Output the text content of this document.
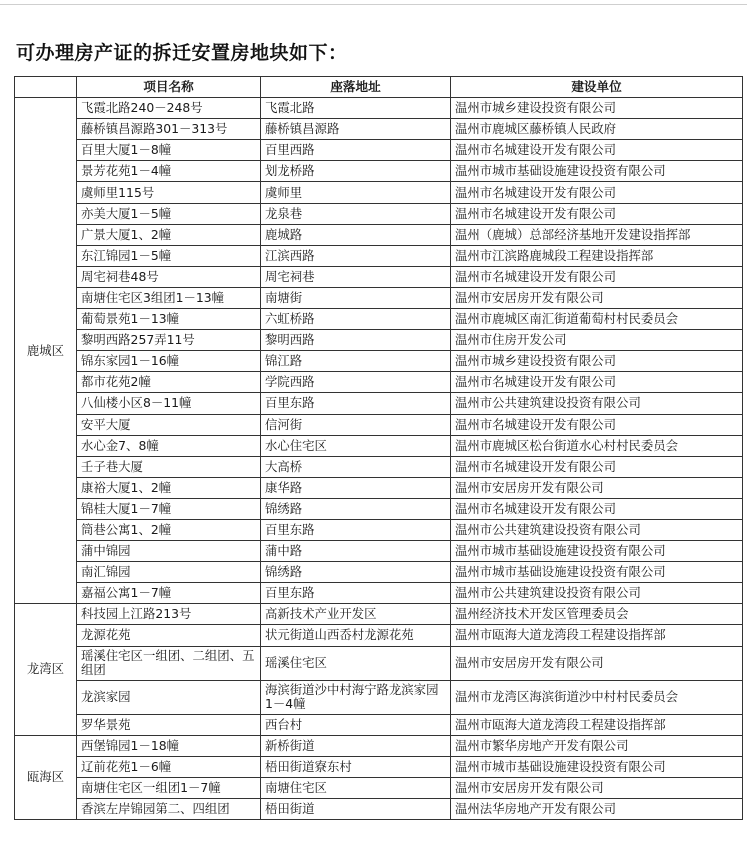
可办理房产证的拆迁安置房地块如下：
	项目名称	座落地址	建设单位
鹿城区	飞霞北路240－248号	飞霞北路	温州市城乡建设投资有限公司
	藤桥镇昌源路301－313号	藤桥镇昌源路	温州市鹿城区藤桥镇人民政府
	百里大厦1－8幢	百里西路	温州市名城建设开发有限公司
	景芳花苑1－4幢	划龙桥路	温州市城市基础设施建设投资有限公司
	虞师里115号	虞师里	温州市名城建设开发有限公司
	亦美大厦1－5幢	龙泉巷	温州市名城建设开发有限公司
	广景大厦1、2幢	鹿城路	温州（鹿城）总部经济基地开发建设指挥部
	东江锦园1－5幢	江滨西路	温州市江滨路鹿城段工程建设指挥部
	周宅祠巷48号	周宅祠巷	温州市名城建设开发有限公司
	南塘住宅区3组团1－13幢	南塘街	温州市安居房开发有限公司
	葡萄景苑1－13幢	六虹桥路	温州市鹿城区南汇街道葡萄村村民委员会
	黎明西路257弄11号	黎明西路	温州市住房开发公司
	锦东家园1－16幢	锦江路	温州市城乡建设投资有限公司
	都市花苑2幢	学院西路	温州市名城建设开发有限公司
	八仙楼小区8－11幢	百里东路	温州市公共建筑建设投资有限公司
	安平大厦	信河街	温州市名城建设开发有限公司
	水心金7、8幢	水心住宅区	温州市鹿城区松台街道水心村村民委员会
	壬子巷大厦	大高桥	温州市名城建设开发有限公司
	康裕大厦1、2幢	康华路	温州市安居房开发有限公司
	锦桂大厦1－7幢	锦绣路	温州市名城建设开发有限公司
	筒巷公寓1、2幢	百里东路	温州市公共建筑建设投资有限公司
	蒲中锦园	蒲中路	温州市城市基础设施建设投资有限公司
	南汇锦园	锦绣路	温州市城市基础设施建设投资有限公司
	嘉福公寓1－7幢	百里东路	温州市公共建筑建设投资有限公司
龙湾区	科技园上江路213号	高新技术产业开发区	温州经济技术开发区管理委员会
	龙源花苑	状元街道山西岙村龙源花苑	温州市瓯海大道龙湾段工程建设指挥部
	瑶溪住宅区一组团、二组团、五组团	瑶溪住宅区	温州市安居房开发有限公司
	龙滨家园	海滨街道沙中村海宁路龙滨家园1－4幢	温州市龙湾区海滨街道沙中村村民委员会
	罗华景苑	西台村	温州市瓯海大道龙湾段工程建设指挥部
瓯海区	西堡锦园1－18幢	新桥街道	温州市繁华房地产开发有限公司
	辽前花苑1－6幢	梧田街道寮东村	温州市城市基础设施建设投资有限公司
	南塘住宅区一组团1－7幢	南塘住宅区	温州市安居房开发有限公司
	香滨左岸锦园第二、四组团	梧田街道	温州法华房地产开发有限公司
